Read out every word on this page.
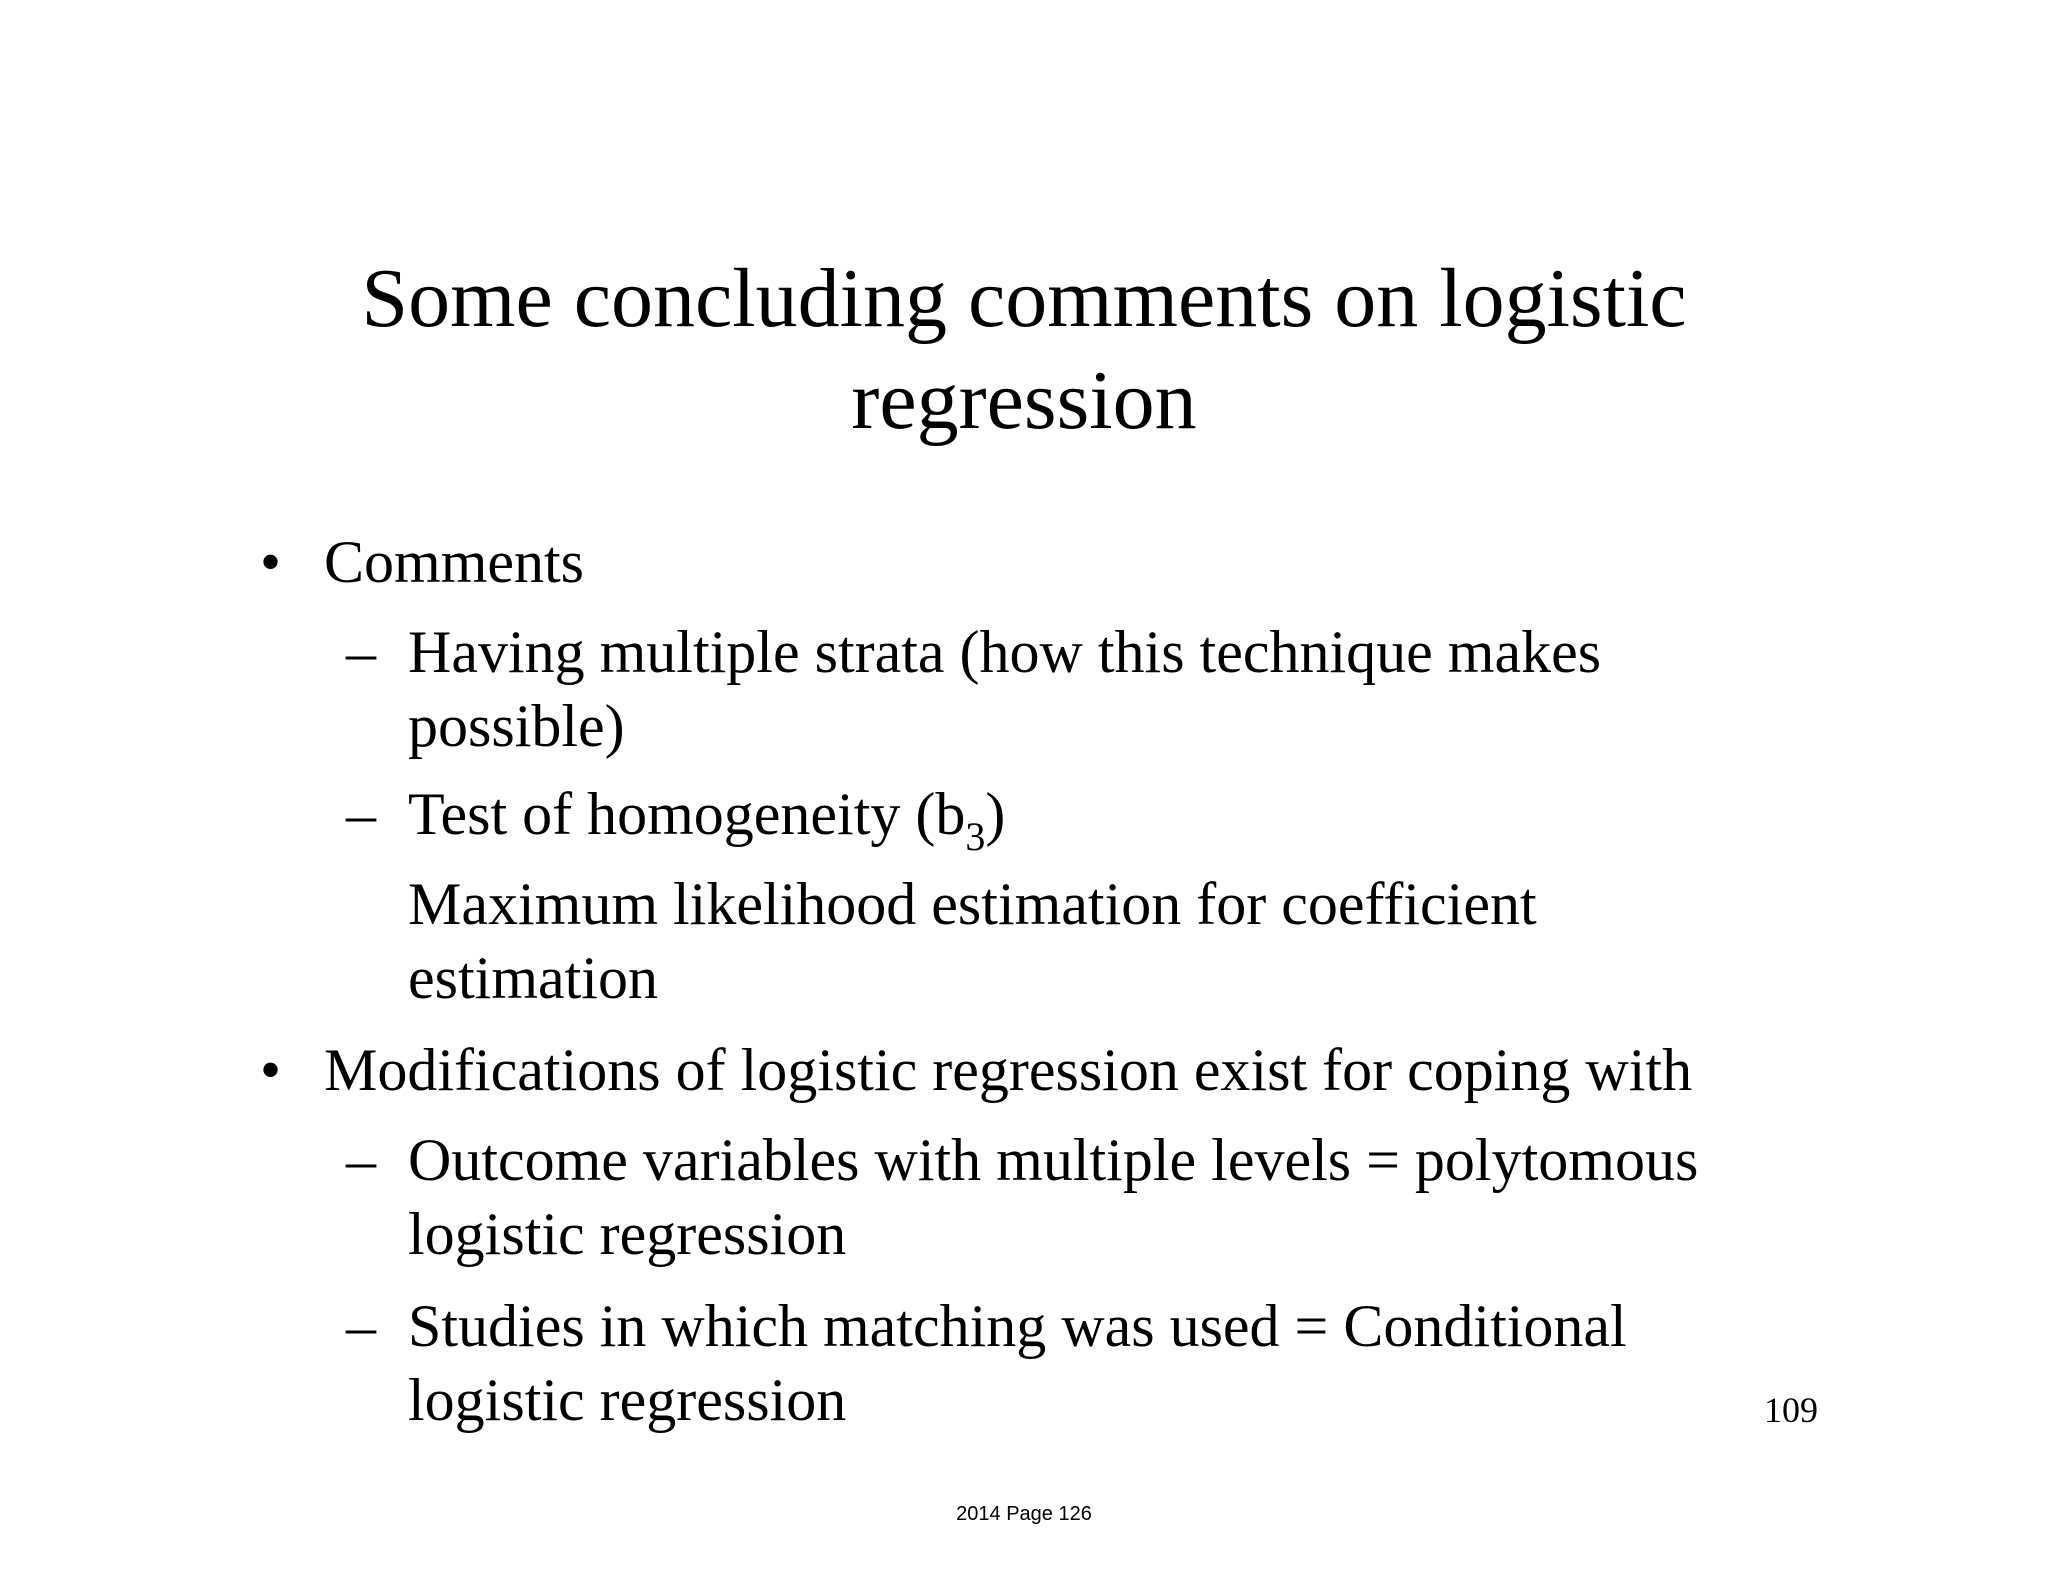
Some concluding comments on logistic
regression
• Comments
– Having multiple strata (how this technique makes
possible)
– Test of homogeneity $(b_3)$
Maximum likelihood estimation for coefficient
estimation
• Modifications of logistic regression exist for coping with
– Outcome variables with multiple levels = polytomous
logistic regression
– Studies in which matching was used = Conditional
logistic regression	109
2014 Page 126
